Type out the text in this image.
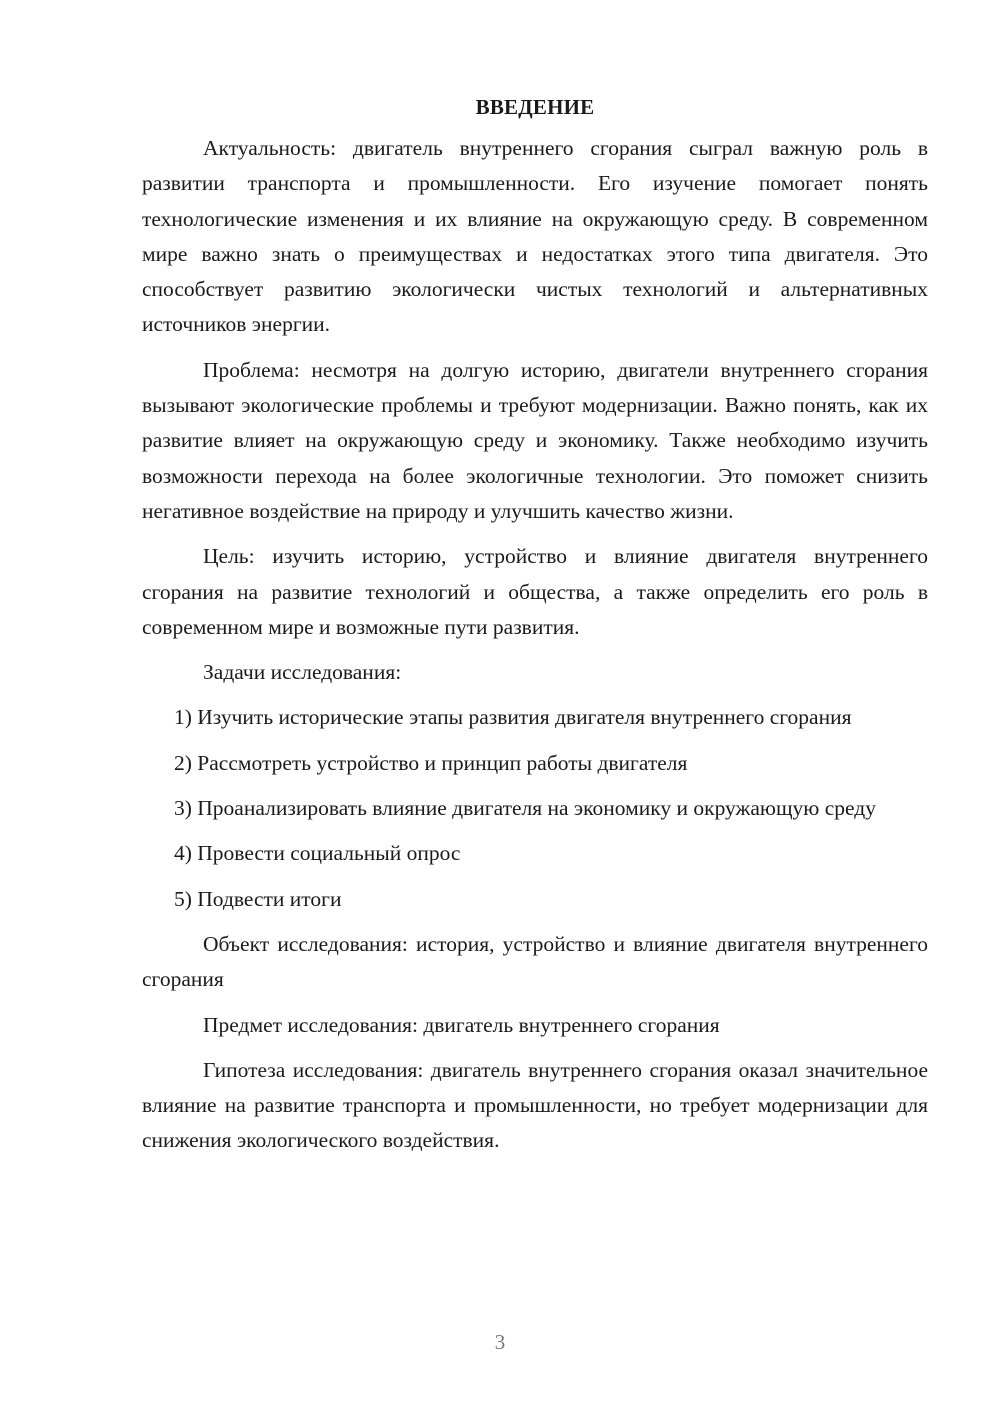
ВВЕДЕНИЕ

Актуальность: двигатель внутреннего сгорания сыграл важную роль в развитии транспорта и промышленности. Его изучение помогает понять технологические изменения и их влияние на окружающую среду. В современном мире важно знать о преимуществах и недостатках этого типа двигателя. Это способствует развитию экологически чистых технологий и альтернативных источников энергии.

Проблема: несмотря на долгую историю, двигатели внутреннего сгорания вызывают экологические проблемы и требуют модернизации. Важно понять, как их развитие влияет на окружающую среду и экономику. Также необходимо изучить возможности перехода на более экологичные технологии. Это поможет снизить негативное воздействие на природу и улучшить качество жизни.

Цель: изучить историю, устройство и влияние двигателя внутреннего сгорания на развитие технологий и общества, а также определить его роль в современном мире и возможные пути развития.

Задачи исследования:

1) Изучить исторические этапы развития двигателя внутреннего сгорания

2) Рассмотреть устройство и принцип работы двигателя

3) Проанализировать влияние двигателя на экономику и окружающую среду

4) Провести социальный опрос

5) Подвести итоги

Объект исследования: история, устройство и влияние двигателя внутреннего сгорания

Предмет исследования: двигатель внутреннего сгорания

Гипотеза исследования: двигатель внутреннего сгорания оказал значительное влияние на развитие транспорта и промышленности, но требует модернизации для снижения экологического воздействия.

3
